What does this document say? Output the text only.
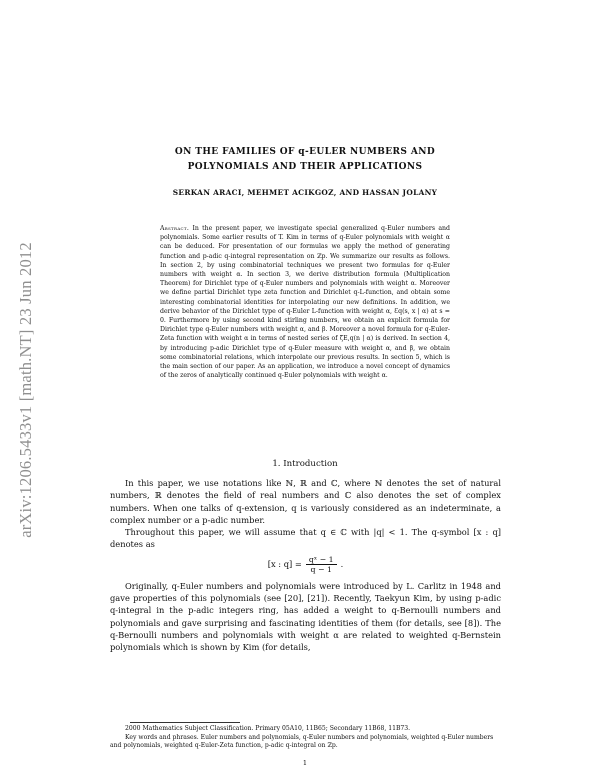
arXiv:1206.5433v1 [math.NT] 23 Jun 2012
ON THE FAMILIES OF q-EULER NUMBERS AND
POLYNOMIALS AND THEIR APPLICATIONS
SERKAN ARACI, MEHMET ACIKGOZ, AND HASSAN JOLANY
Abstract. In the present paper, we investigate special generalized q-Euler numbers and polynomials. Some earlier results of T. Kim in terms of q-Euler polynomials with weight α can be deduced. For presentation of our formulas we apply the method of generating function and p-adic q-integral representation on ℤp. We summarize our results as follows. In section 2, by using combinatorial techniques we present two formulas for q-Euler numbers with weight α. In section 3, we derive distribution formula (Multiplication Theorem) for Dirichlet type of q-Euler numbers and polynomials with weight α. Moreover we define partial Dirichlet type zeta function and Dirichlet q-L-function, and obtain some interesting combinatorial identities for interpolating our new definitions. In addition, we derive behavior of the Dirichlet type of q-Euler L-function with weight α, Ɛq(s, x | α) at s = 0. Furthermore by using second kind stirling numbers, we obtain an explicit formula for Dirichlet type q-Euler numbers with weight α, and β. Moreover a novel formula for q-Euler-Zeta function with weight α in terms of nested series of ζ̃E,q(n | α) is derived. In section 4, by introducing p-adic Dirichlet type of q-Euler measure with weight α, and β, we obtain some combinatorial relations, which interpolate our previous results. In section 5, which is the main section of our paper. As an application, we introduce a novel concept of dynamics of the zeros of analytically continued q-Euler polynomials with weight α.
1. Introduction

In this paper, we use notations like ℕ, ℝ and ℂ, where ℕ denotes the set of natural numbers, ℝ denotes the field of real numbers and ℂ also denotes the set of complex numbers. When one talks of q-extension, q is variously considered as an indeterminate, a complex number or a p-adic number.

Throughout this paper, we will assume that q ∈ ℂ with |q| < 1. The q-symbol [x : q] denotes as

[x : $q] = \frac{\text{qˣ − 1}}{q - 1}$ .

Originally, q-Euler numbers and polynomials were introduced by L. Carlitz in 1948 and gave properties of this polynomials (see [20], [21]). Recently, Taekyun Kim, by using p-adic q-integral in the p-adic integers ring, has added a weight to q-Bernoulli numbers and polynomials and gave surprising and fascinating identities of them (for details, see [8]). The q-Bernoulli numbers and polynomials with weight α are related to weighted q-Bernstein polynomials which is shown by Kim (for details,

2000 Mathematics Subject Classification. Primary 05A10, 11B65; Secondary 11B68, 11B73.

Key words and phrases. Euler numbers and polynomials, q-Euler numbers and polynomials, weighted q-Euler numbers and polynomials, weighted q-Euler-Zeta function, p-adic q-integral on ℤp.

1
